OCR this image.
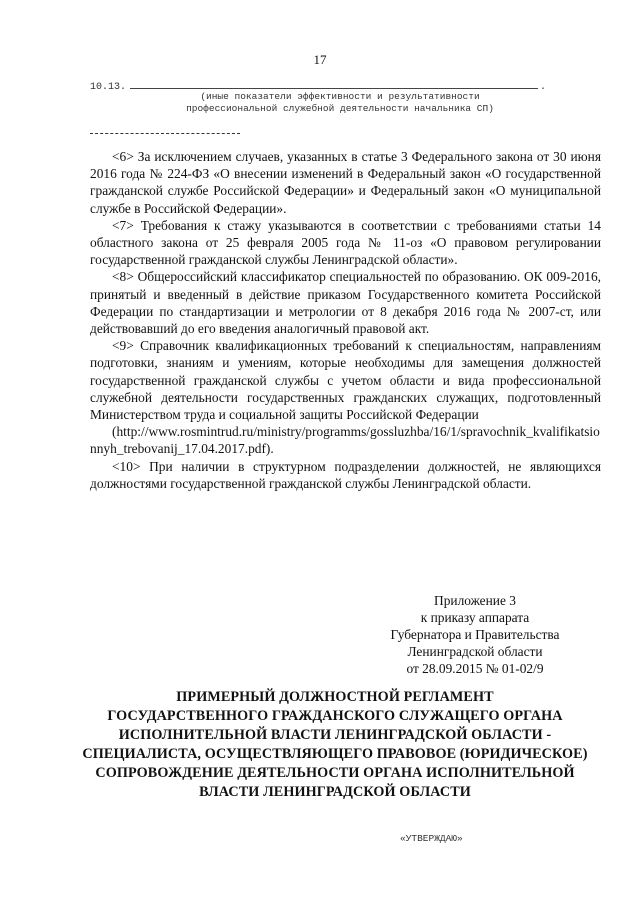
17
10.13.	.
(иные показатели эффективности и результативности
профессиональной служебной деятельности начальника СП)

<6> За исключением случаев, указанных в статье 3 Федерального закона от 30 июня 2016 года № 224-ФЗ «О внесении изменений в Федеральный закон «О государственной гражданской службе Российской Федерации» и Федеральный закон «О муниципальной службе в Российской Федерации».

<7> Требования к стажу указываются в соответствии с требованиями статьи 14 областного закона от 25 февраля 2005 года № 11-оз «О правовом регулировании государственной гражданской службы Ленинградской области».

<8> Общероссийский классификатор специальностей по образованию. ОК 009-2016, принятый и введенный в действие приказом Государственного комитета Российской Федерации по стандартизации и метрологии от 8 декабря 2016 года № 2007-ст, или действовавший до его введения аналогичный правовой акт.

<9> Справочник квалификационных требований к специальностям, направлениям подготовки, знаниям и умениям, которые необходимы для замещения должностей государственной гражданской службы с учетом области и вида профессиональной служебной деятельности государственных гражданских служащих, подготовленный Министерством труда и социальной защиты Российской Федерации

(http://www.rosmintrud.ru/ministry/programms/gossluzhba/16/1/spravochnik_kvalifikatsionnyh_trebovanij_17.04.2017.pdf).

<10> При наличии в структурном подразделении должностей, не являющихся должностями государственной гражданской службы Ленинградской области.

Приложение 3
к приказу аппарата
Губернатора и Правительства
Ленинградской области
от 28.09.2015 № 01-02/9
ПРИМЕРНЫЙ ДОЛЖНОСТНОЙ РЕГЛАМЕНТ
ГОСУДАРСТВЕННОГО ГРАЖДАНСКОГО СЛУЖАЩЕГО ОРГАНА
ИСПОЛНИТЕЛЬНОЙ ВЛАСТИ ЛЕНИНГРАДСКОЙ ОБЛАСТИ -
СПЕЦИАЛИСТА, ОСУЩЕСТВЛЯЮЩЕГО ПРАВОВОЕ (ЮРИДИЧЕСКОЕ)
СОПРОВОЖДЕНИЕ ДЕЯТЕЛЬНОСТИ ОРГАНА ИСПОЛНИТЕЛЬНОЙ
ВЛАСТИ ЛЕНИНГРАДСКОЙ ОБЛАСТИ
«УТВЕРЖДАЮ»
